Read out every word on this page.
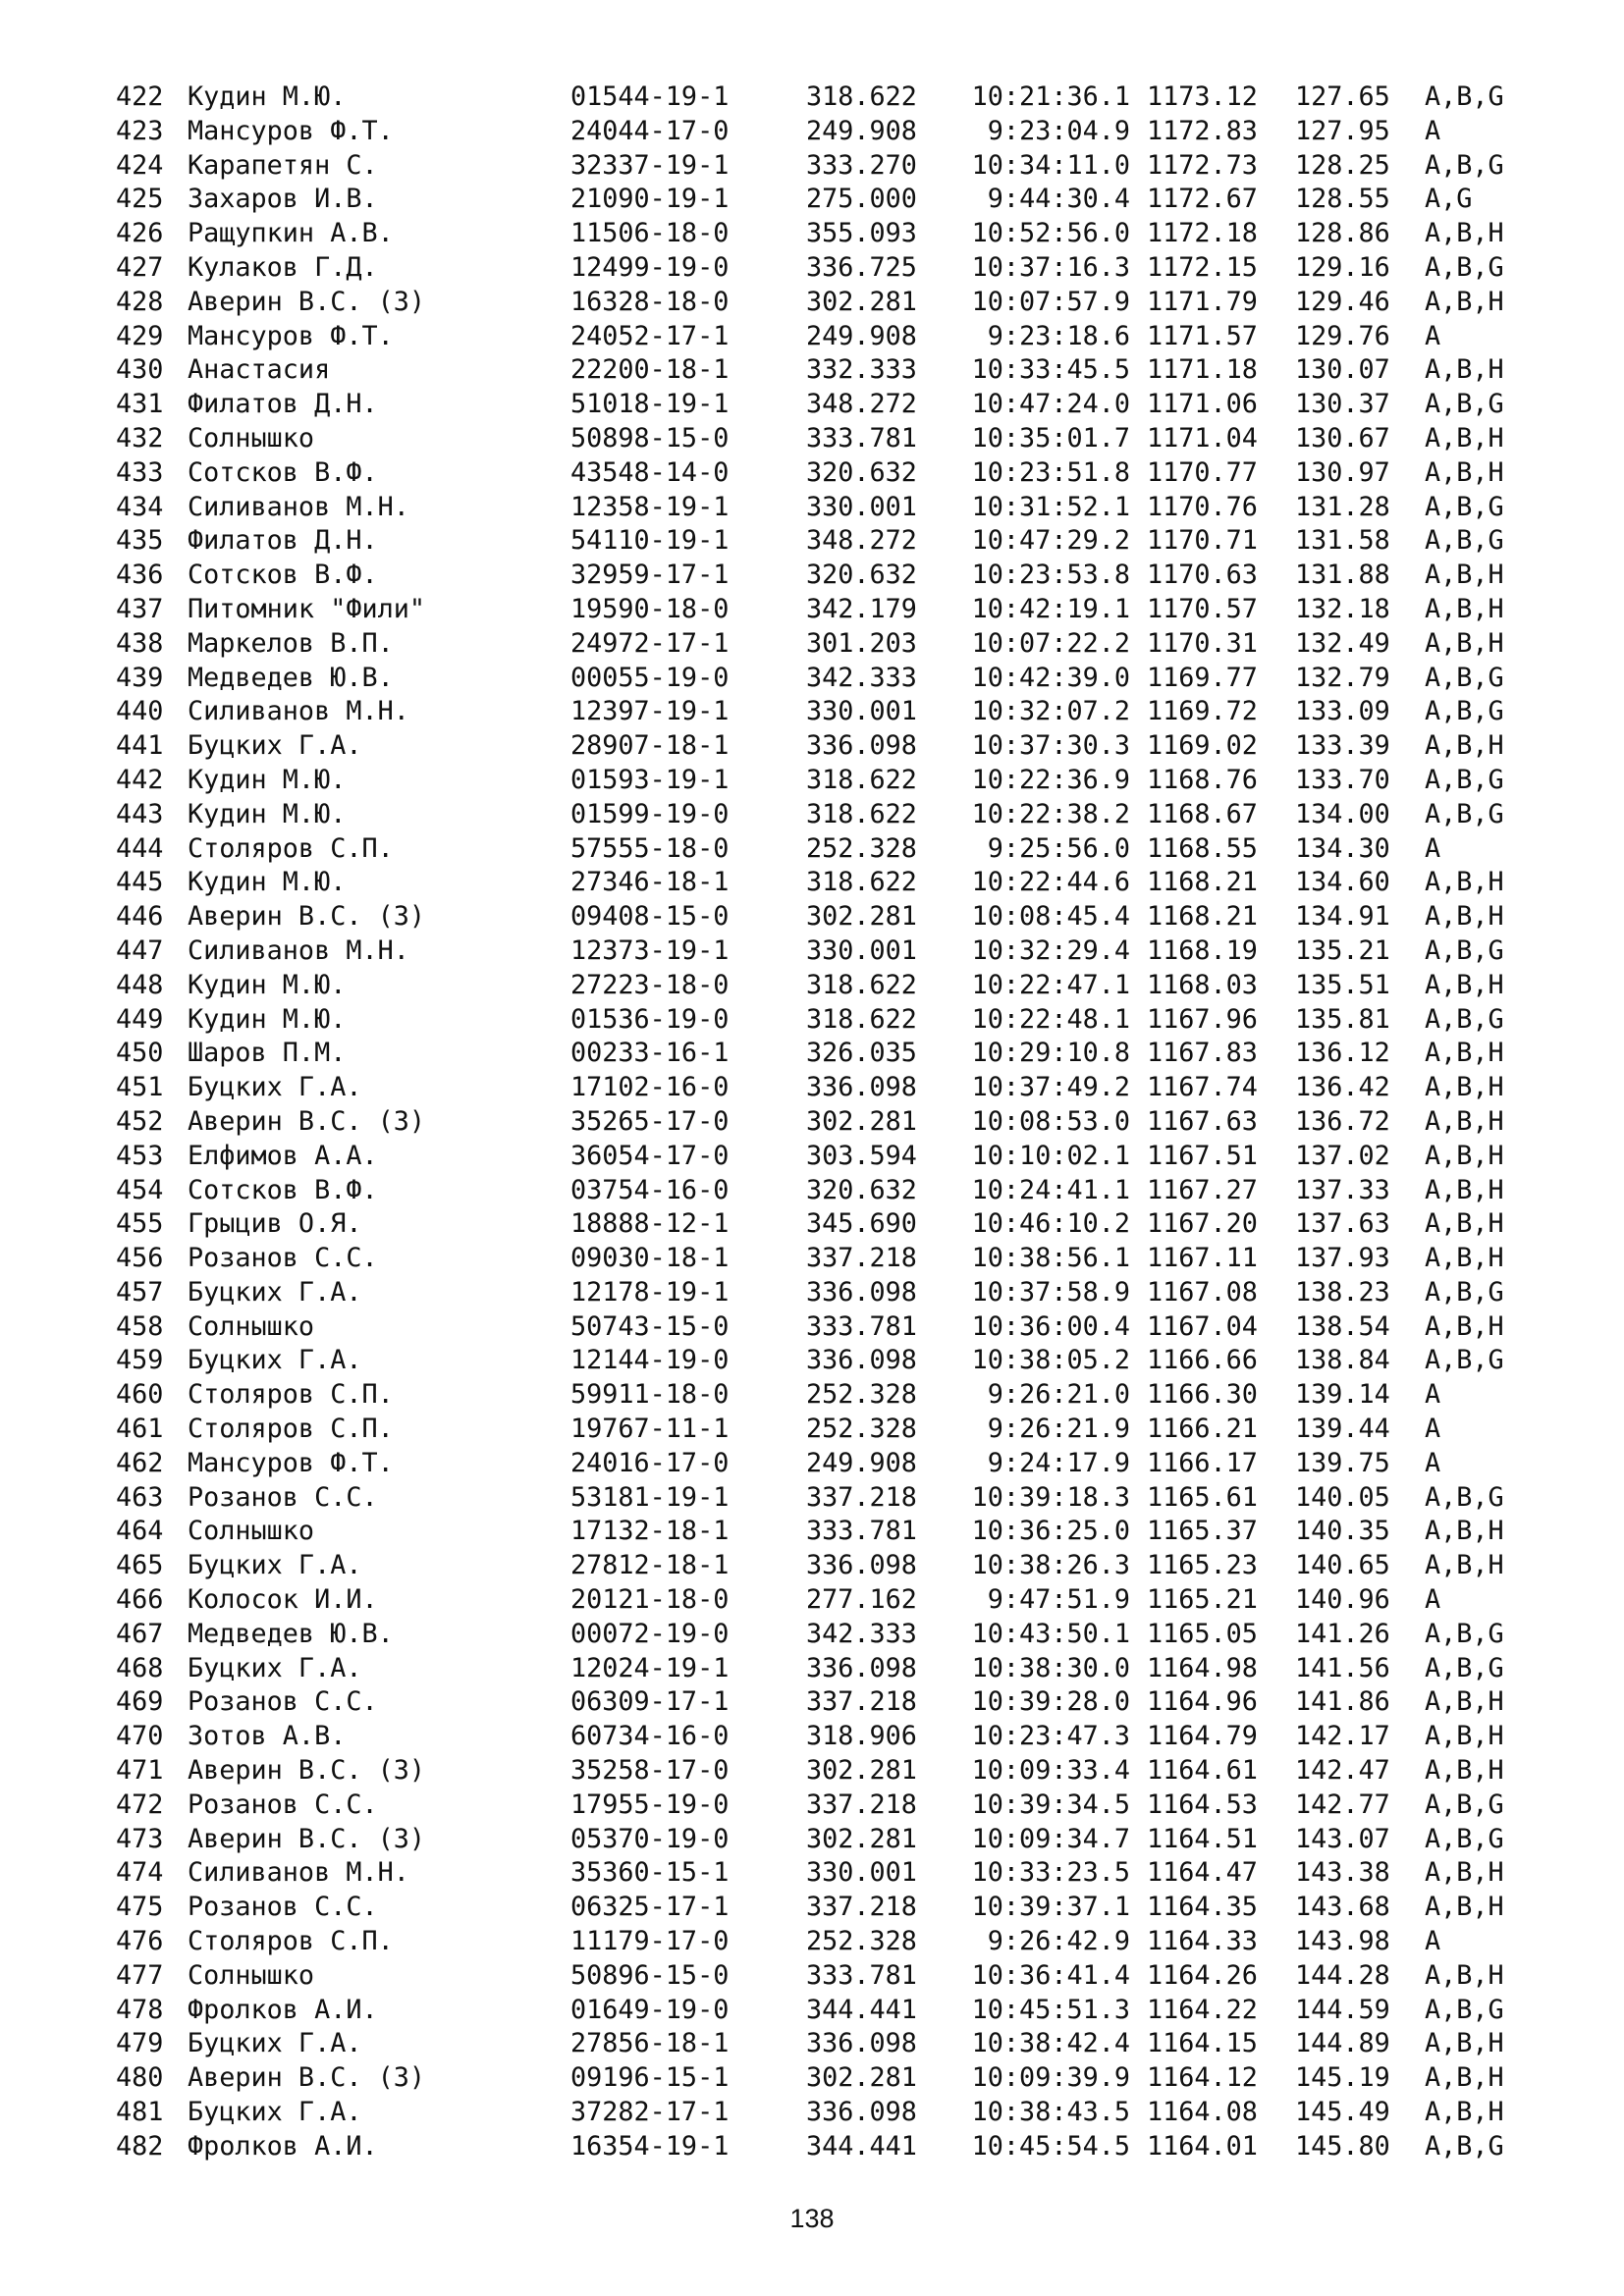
422 Кудин М.Ю.	01544-19-1	318.622	10:21:36.1 1173.12 127.65 A,B,G
423 Мансуров Ф.Т.	24044-17-0	249.908	9:23:04.9 1172.83 127.95 A
424 Карапетян С.	32337-19-1	333.270	10:34:11.0 1172.73 128.25 A,B,G
425 Захаров И.В.	21090-19-1	275.000	9:44:30.4 1172.67 128.55 A,G
426 Ращупкин А.В.	11506-18-0	355.093	10:52:56.0 1172.18 128.86 A,B,H
427 Кулаков Г.Д.	12499-19-0	336.725	10:37:16.3 1172.15 129.16 A,B,G
428 Аверин В.С. (З)	16328-18-0	302.281	10:07:57.9 1171.79 129.46 A,B,H
429 Мансуров Ф.Т.	24052-17-1	249.908	9:23:18.6 1171.57 129.76 A
430 Анастасия	22200-18-1	332.333	10:33:45.5 1171.18 130.07 A,B,H
431 Филатов Д.Н.	51018-19-1	348.272	10:47:24.0 1171.06 130.37 A,B,G
432 Солнышко	50898-15-0	333.781	10:35:01.7 1171.04 130.67 A,B,H
433 Сотсков В.Ф.	43548-14-0	320.632	10:23:51.8 1170.77 130.97 A,B,H
434 Силиванов М.Н.	12358-19-1	330.001	10:31:52.1 1170.76 131.28 A,B,G
435 Филатов Д.Н.	54110-19-1	348.272	10:47:29.2 1170.71 131.58 A,B,G
436 Сотсков В.Ф.	32959-17-1	320.632	10:23:53.8 1170.63 131.88 A,B,H
437 Питомник "Фили"	19590-18-0	342.179	10:42:19.1 1170.57 132.18 A,B,H
438 Маркелов В.П.	24972-17-1	301.203	10:07:22.2 1170.31 132.49 A,B,H
439 Медведев Ю.В.	00055-19-0	342.333	10:42:39.0 1169.77 132.79 A,B,G
440 Силиванов М.Н.	12397-19-1	330.001	10:32:07.2 1169.72 133.09 A,B,G
441 Буцких Г.А.	28907-18-1	336.098	10:37:30.3 1169.02 133.39 A,B,H
442 Кудин М.Ю.	01593-19-1	318.622	10:22:36.9 1168.76 133.70 A,B,G
443 Кудин М.Ю.	01599-19-0	318.622	10:22:38.2 1168.67 134.00 A,B,G
444 Столяров С.П.	57555-18-0	252.328	9:25:56.0 1168.55 134.30 A
445 Кудин М.Ю.	27346-18-1	318.622	10:22:44.6 1168.21 134.60 A,B,H
446 Аверин В.С. (З)	09408-15-0	302.281	10:08:45.4 1168.21 134.91 A,B,H
447 Силиванов М.Н.	12373-19-1	330.001	10:32:29.4 1168.19 135.21 A,B,G
448 Кудин М.Ю.	27223-18-0	318.622	10:22:47.1 1168.03 135.51 A,B,H
449 Кудин М.Ю.	01536-19-0	318.622	10:22:48.1 1167.96 135.81 A,B,G
450 Шаров П.М.	00233-16-1	326.035	10:29:10.8 1167.83 136.12 A,B,H
451 Буцких Г.А.	17102-16-0	336.098	10:37:49.2 1167.74 136.42 A,B,H
452 Аверин В.С. (З)	35265-17-0	302.281	10:08:53.0 1167.63 136.72 A,B,H
453 Елфимов А.А.	36054-17-0	303.594	10:10:02.1 1167.51 137.02 A,B,H
454 Сотсков В.Ф.	03754-16-0	320.632	10:24:41.1 1167.27 137.33 A,B,H
455 Грыцив О.Я.	18888-12-1	345.690	10:46:10.2 1167.20 137.63 A,B,H
456 Розанов С.С.	09030-18-1	337.218	10:38:56.1 1167.11 137.93 A,B,H
457 Буцких Г.А.	12178-19-1	336.098	10:37:58.9 1167.08 138.23 A,B,G
458 Солнышко	50743-15-0	333.781	10:36:00.4 1167.04 138.54 A,B,H
459 Буцких Г.А.	12144-19-0	336.098	10:38:05.2 1166.66 138.84 A,B,G
460 Столяров С.П.	59911-18-0	252.328	9:26:21.0 1166.30 139.14 A
461 Столяров С.П.	19767-11-1	252.328	9:26:21.9 1166.21 139.44 A
462 Мансуров Ф.Т.	24016-17-0	249.908	9:24:17.9 1166.17 139.75 A
463 Розанов С.С.	53181-19-1	337.218	10:39:18.3 1165.61 140.05 A,B,G
464 Солнышко	17132-18-1	333.781	10:36:25.0 1165.37 140.35 A,B,H
465 Буцких Г.А.	27812-18-1	336.098	10:38:26.3 1165.23 140.65 A,B,H
466 Колосок И.И.	20121-18-0	277.162	9:47:51.9 1165.21 140.96 A
467 Медведев Ю.В.	00072-19-0	342.333	10:43:50.1 1165.05 141.26 A,B,G
468 Буцких Г.А.	12024-19-1	336.098	10:38:30.0 1164.98 141.56 A,B,G
469 Розанов С.С.	06309-17-1	337.218	10:39:28.0 1164.96 141.86 A,B,H
470 Зотов А.В.	60734-16-0	318.906	10:23:47.3 1164.79 142.17 A,B,H
471 Аверин В.С. (З)	35258-17-0	302.281	10:09:33.4 1164.61 142.47 A,B,H
472 Розанов С.С.	17955-19-0	337.218	10:39:34.5 1164.53 142.77 A,B,G
473 Аверин В.С. (З)	05370-19-0	302.281	10:09:34.7 1164.51 143.07 A,B,G
474 Силиванов М.Н.	35360-15-1	330.001	10:33:23.5 1164.47 143.38 A,B,H
475 Розанов С.С.	06325-17-1	337.218	10:39:37.1 1164.35 143.68 A,B,H
476 Столяров С.П.	11179-17-0	252.328	9:26:42.9 1164.33 143.98 A
477 Солнышко	50896-15-0	333.781	10:36:41.4 1164.26 144.28 A,B,H
478 Фролков А.И.	01649-19-0	344.441	10:45:51.3 1164.22 144.59 A,B,G
479 Буцких Г.А.	27856-18-1	336.098	10:38:42.4 1164.15 144.89 A,B,H
480 Аверин В.С. (З)	09196-15-1	302.281	10:09:39.9 1164.12 145.19 A,B,H
481 Буцких Г.А.	37282-17-1	336.098	10:38:43.5 1164.08 145.49 A,B,H
482 Фролков А.И.	16354-19-1	344.441	10:45:54.5 1164.01 145.80 A,B,G
138
